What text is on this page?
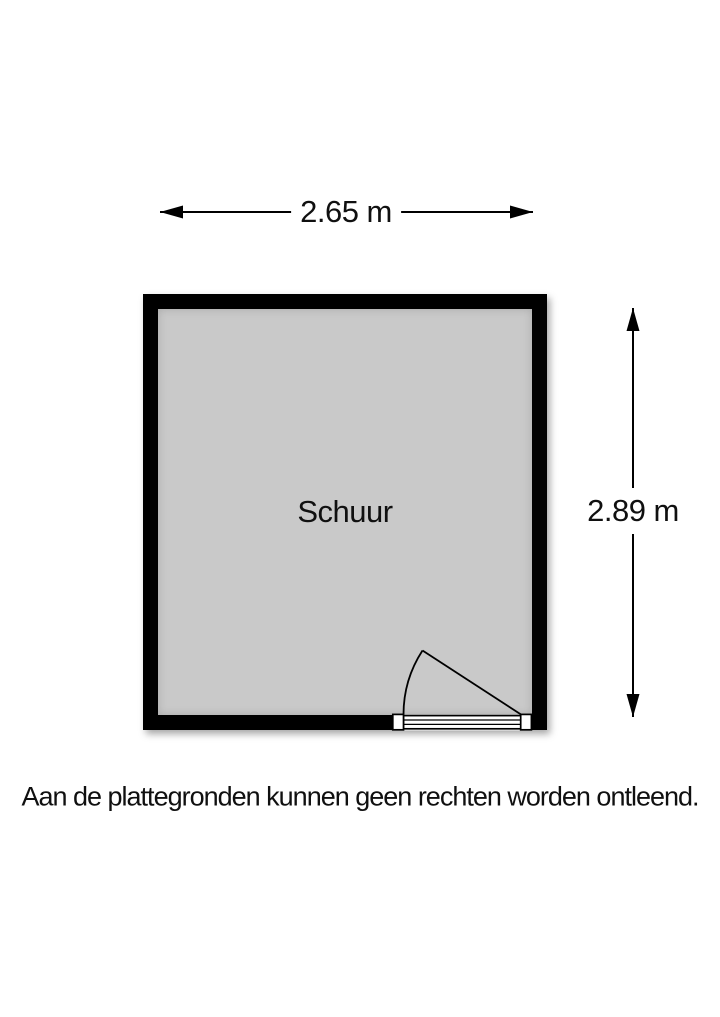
2.65 m
2.89 m
Schuur
Aan de plattegronden kunnen geen rechten worden ontleend.
